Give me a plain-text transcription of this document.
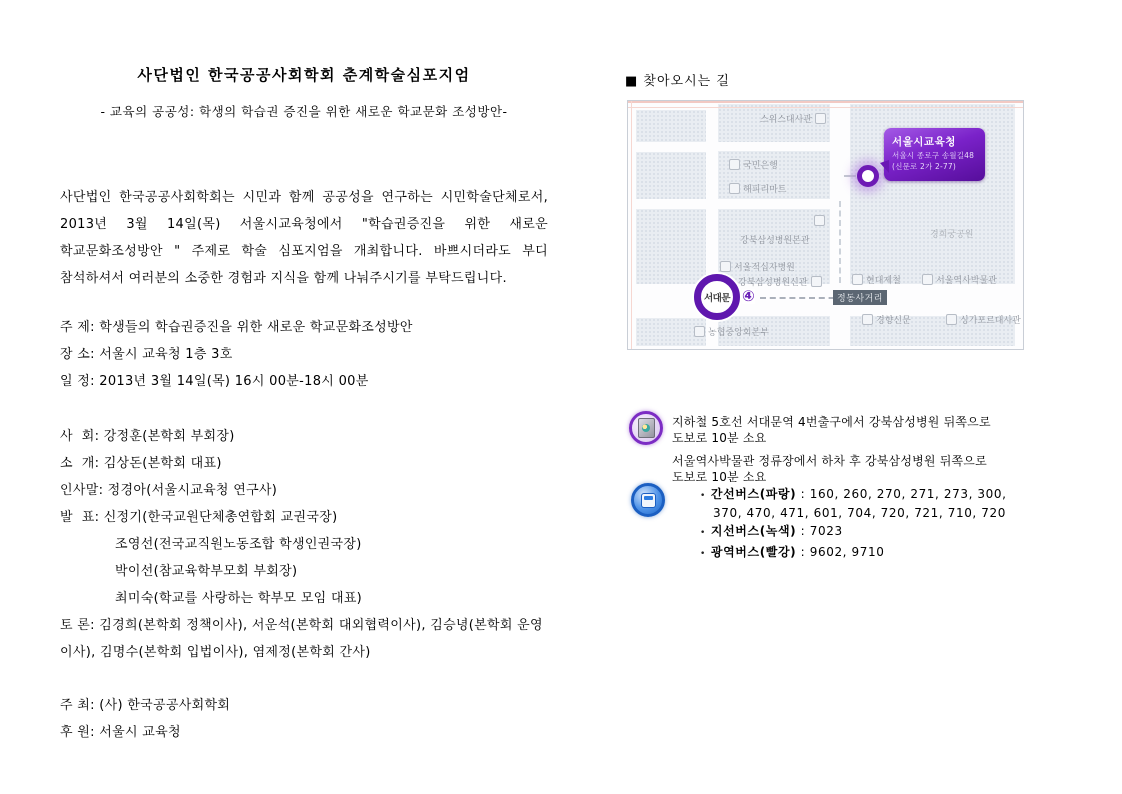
사단법인 한국공공사회학회 춘계학술심포지엄
- 교육의 공공성: 학생의 학습권 증진을 위한 새로운 학교문화 조성방안-
사단법인 한국공공사회학회는 시민과 함께 공공성을 연구하는 시민학술단체로서, 2013년 3월 14일(목) 서울시교육청에서 "학습권증진을 위한 새로운 학교문화조성방안 " 주제로 학술 심포지엄을 개최합니다. 바쁘시더라도 부디 참석하셔서 여러분의 소중한 경험과 지식을 함께 나눠주시기를 부탁드립니다.
주 제: 학생들의 학습권증진을 위한 새로운 학교문화조성방안
장 소: 서울시 교육청 1층 3호
일 정: 2013년 3월 14일(목) 16시 00분-18시 00분
사  회: 강정훈(본학회 부회장)
소  개: 김상돈(본학회 대표)
인사말: 정경아(서울시교육청 연구사)
발  표: 신정기(한국교원단체총연합회 교권국장)
조영선(전국교직원노동조합 학생인권국장)
박이선(참교육학부모회 부회장)
최미숙(학교를 사랑하는 학부모 모임 대표)
토 론: 김경희(본학회 정책이사), 서운석(본학회 대외협력이사), 김승녕(본학회 운영이사), 김명수(본학회 입법이사), 염제정(본학회 간사)
주 최: (사) 한국공공사회학회
후 원: 서울시 교육청
■ 찾아오시는 길
스위스대사관
국민은행
해피리마트
강북삼성병원본관
서울적십자병원
강북삼성병원신관
농협중앙회본부
경희궁공원
현대제철	서울역사박물관
경향신문	싱가포르대사관
서대문 ④	정동사거리
서울시교육청
서울시 종로구 송월길48
(신문로 2가 2-77)
지하철 5호선 서대문역 4번출구에서 강북삼성병원 뒤쪽으로 도보로 10분 소요
서울역사박물관 정류장에서 하차 후 강북삼성병원 뒤쪽으로 도보로 10분 소요
• 간선버스(파랑) : 160, 260, 270, 271, 273, 300, 370, 470, 471, 601, 704, 720, 721, 710, 720
• 지선버스(녹색) : 7023
• 광역버스(빨강) : 9602, 9710
